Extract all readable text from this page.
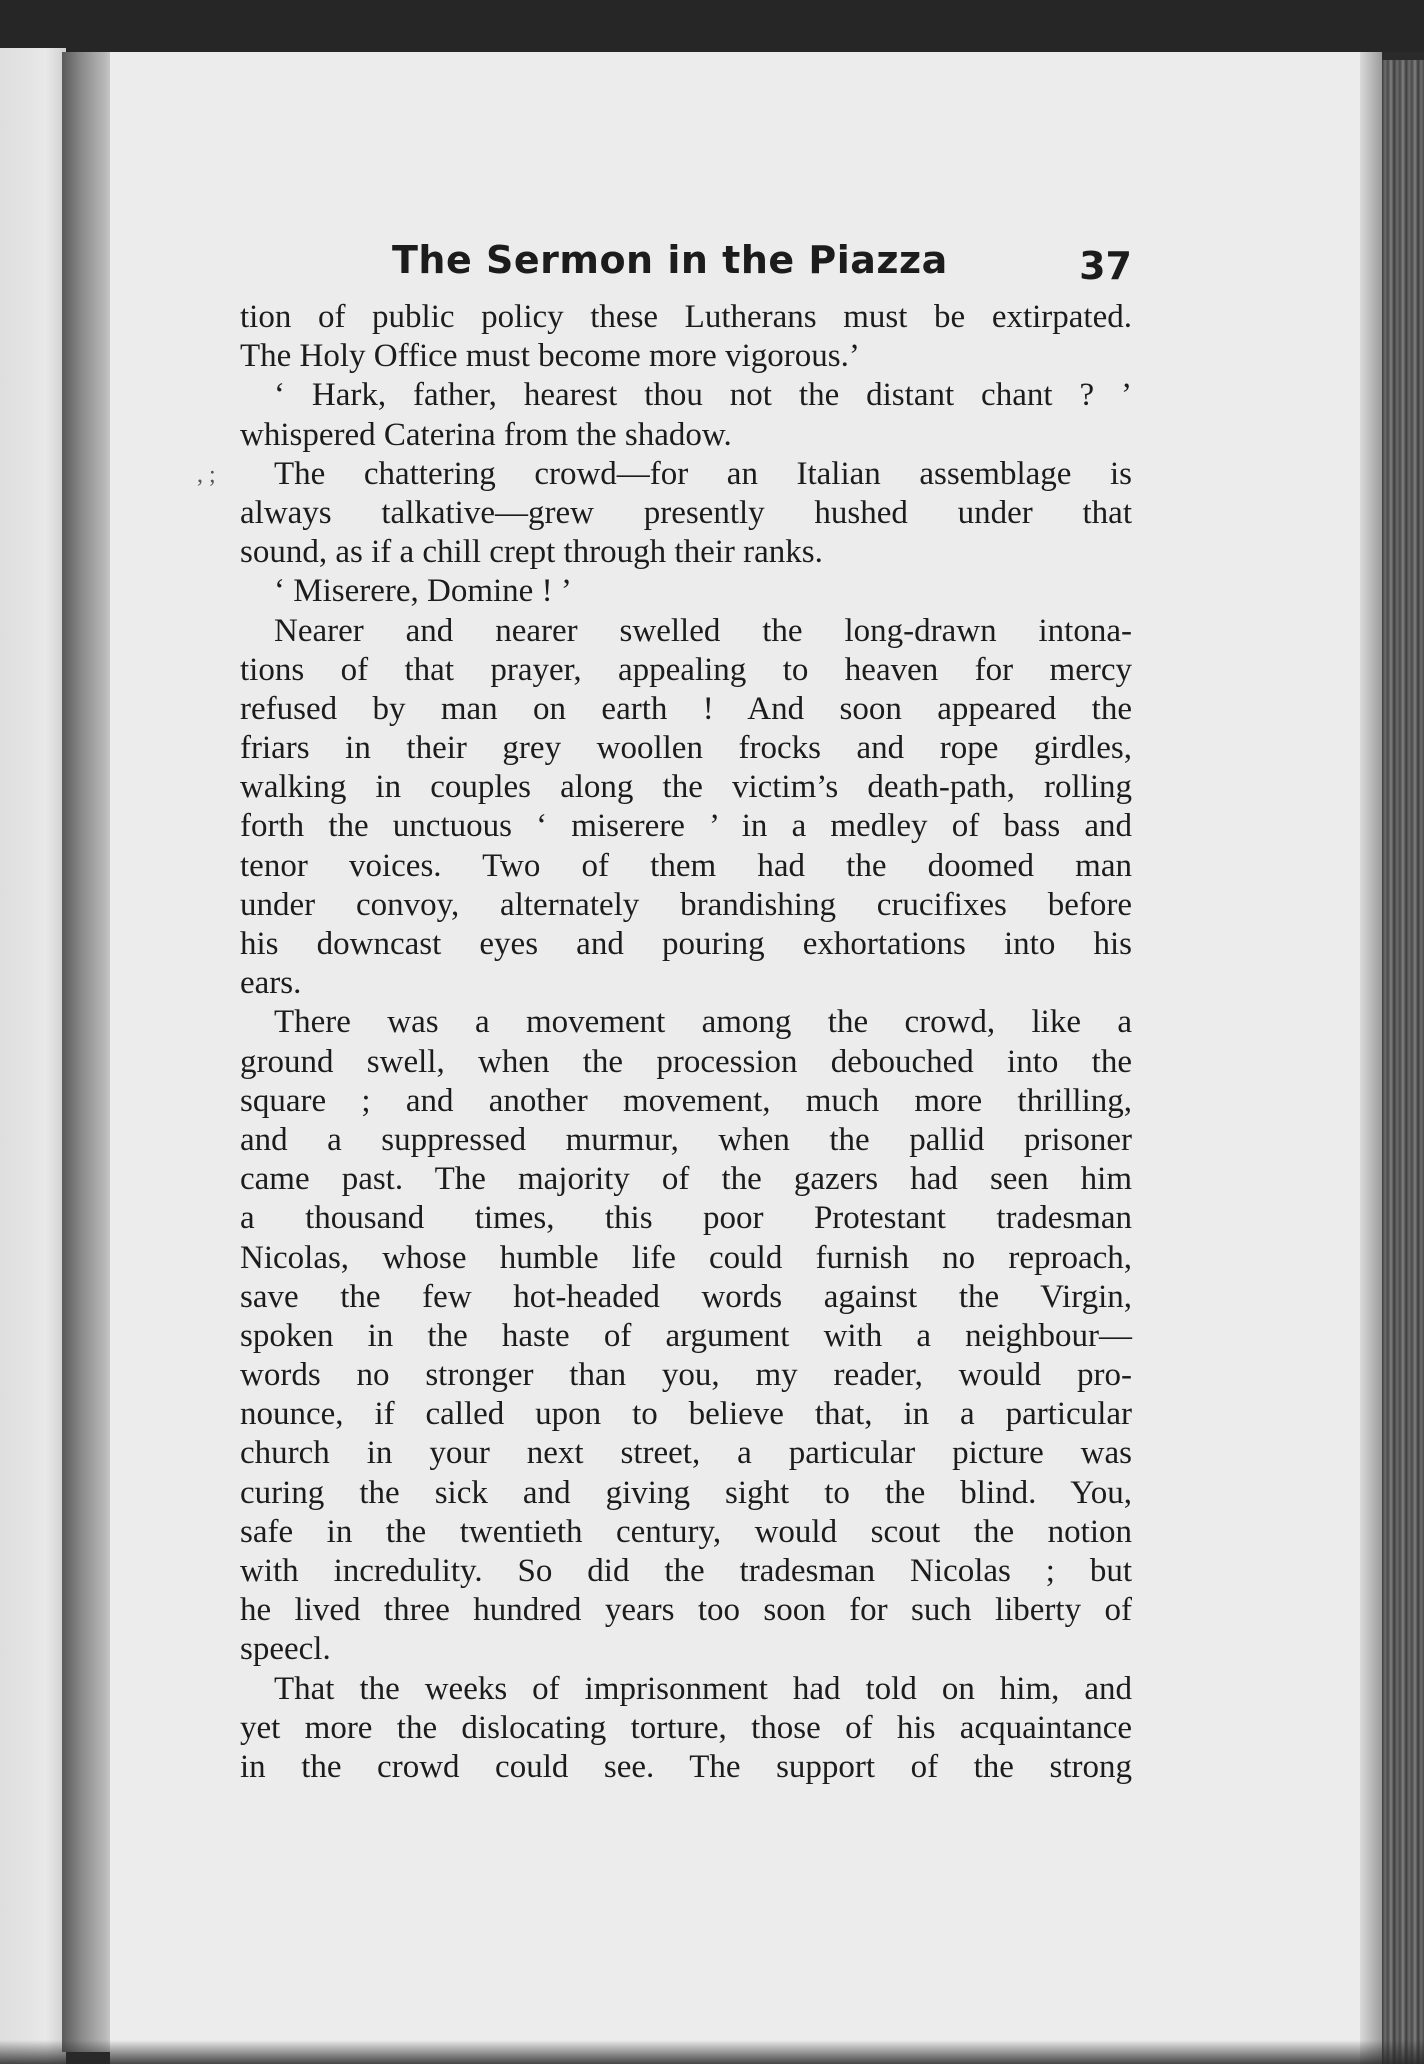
, ;
The Sermon in the Piazza	37
tion of public policy these Lutherans must be extirpated.
The Holy Office must become more vigorous.’
‘ Hark, father, hearest thou not the distant chant ? ’
whispered Caterina from the shadow.
The chattering crowd—for an Italian assemblage is
always talkative—grew presently hushed under that
sound, as if a chill crept through their ranks.
‘ Miserere, Domine ! ’
Nearer and nearer swelled the long-drawn intona-
tions of that prayer, appealing to heaven for mercy
refused by man on earth ! And soon appeared the
friars in their grey woollen frocks and rope girdles,
walking in couples along the victim’s death-path, rolling
forth the unctuous ‘ miserere ’ in a medley of bass and
tenor voices. Two of them had the doomed man
under convoy, alternately brandishing crucifixes before
his downcast eyes and pouring exhortations into his
ears.
There was a movement among the crowd, like a
ground swell, when the procession debouched into the
square ; and another movement, much more thrilling,
and a suppressed murmur, when the pallid prisoner
came past. The majority of the gazers had seen him
a thousand times, this poor Protestant tradesman
Nicolas, whose humble life could furnish no reproach,
save the few hot-headed words against the Virgin,
spoken in the haste of argument with a neighbour—
words no stronger than you, my reader, would pro-
nounce, if called upon to believe that, in a particular
church in your next street, a particular picture was
curing the sick and giving sight to the blind. You,
safe in the twentieth century, would scout the notion
with incredulity. So did the tradesman Nicolas ; but
he lived three hundred years too soon for such liberty of
speecl.
That the weeks of imprisonment had told on him, and
yet more the dislocating torture, those of his acquaintance
in the crowd could see. The support of the strong
